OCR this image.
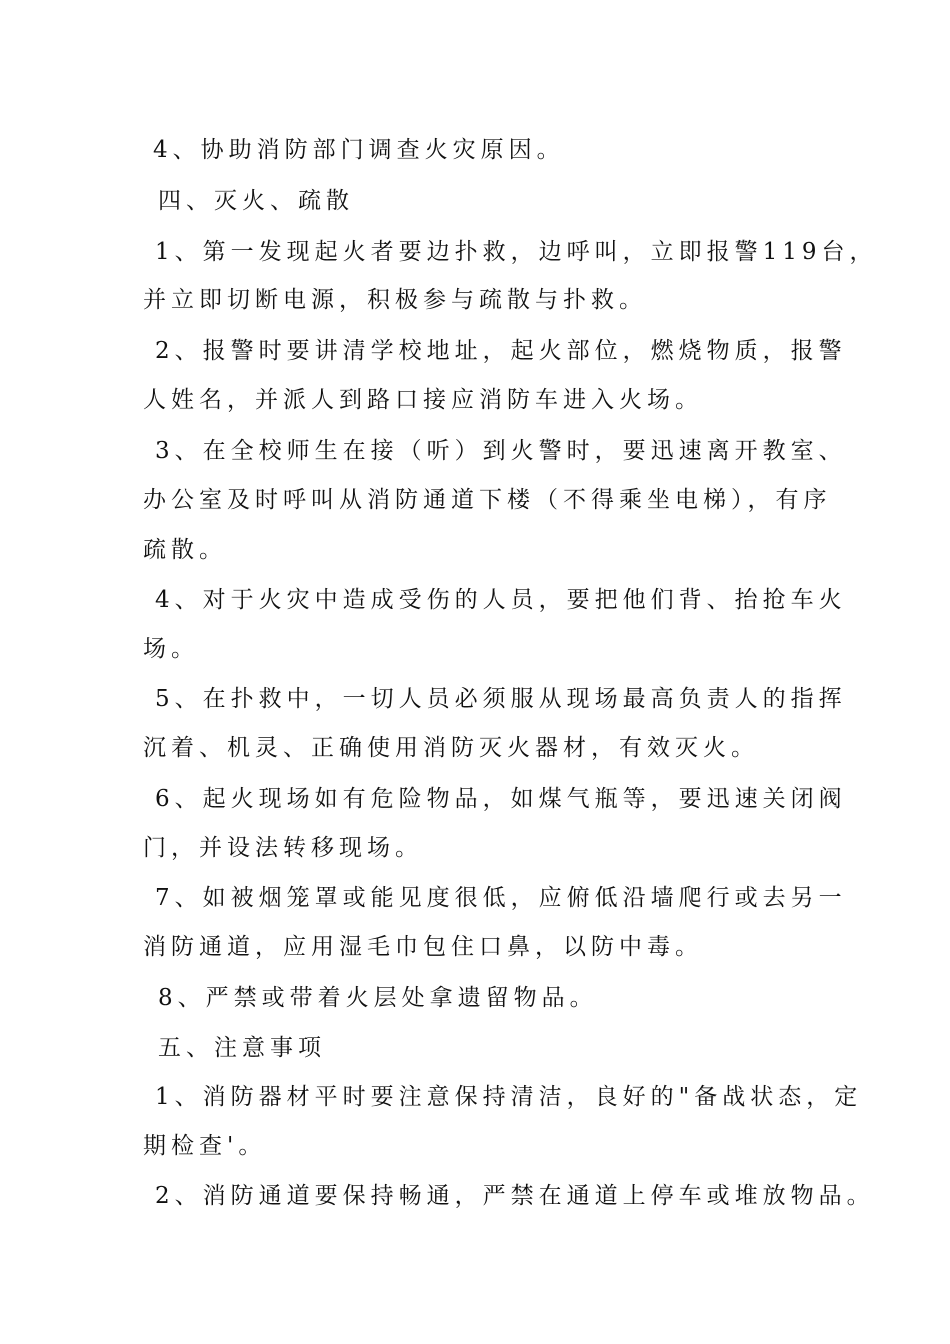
4、协助消防部门调查火灾原因。
四、灭火、疏散
1、第一发现起火者要边扑救，边呼叫，立即报警119台，
并立即切断电源，积极参与疏散与扑救。
2、报警时要讲清学校地址，起火部位，燃烧物质，报警
人姓名，并派人到路口接应消防车进入火场。
3、在全校师生在接（听）到火警时，要迅速离开教室、
办公室及时呼叫从消防通道下楼（不得乘坐电梯），有序
疏散。
4、对于火灾中造成受伤的人员，要把他们背、抬抢车火
场。
5、在扑救中，一切人员必须服从现场最高负责人的指挥
沉着、机灵、正确使用消防灭火器材，有效灭火。
6、起火现场如有危险物品，如煤气瓶等，要迅速关闭阀
门，并设法转移现场。
7、如被烟笼罩或能见度很低，应俯低沿墙爬行或去另一
消防通道，应用湿毛巾包住口鼻，以防中毒。
8、严禁或带着火层处拿遗留物品。
五、注意事项
1、消防器材平时要注意保持清洁，良好的"备战状态，定
期检查'。
2、消防通道要保持畅通，严禁在通道上停车或堆放物品。
